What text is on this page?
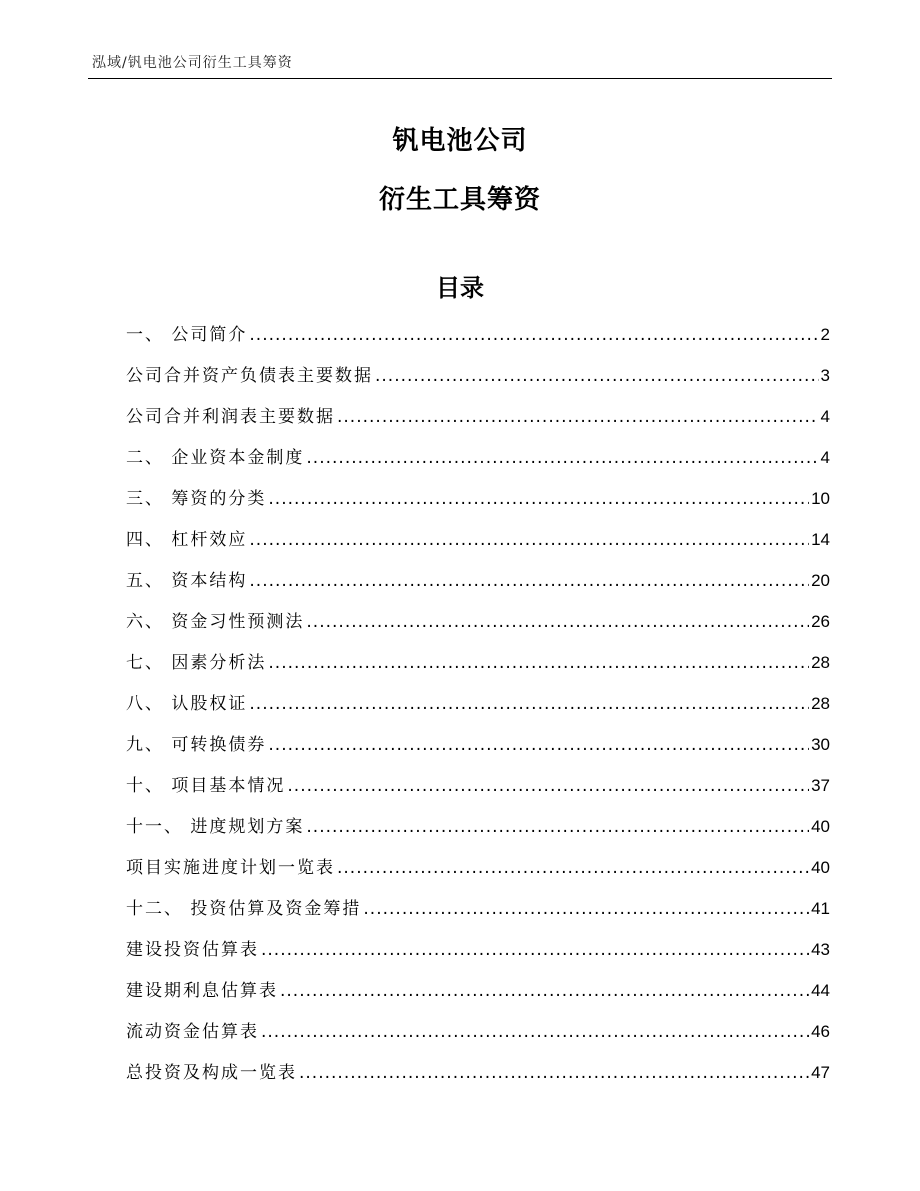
泓域/钒电池公司衍生工具筹资
钒电池公司
衍生工具筹资
目录
一、 公司简介 .....	2
公司合并资产负债表主要数据 .....	3
公司合并利润表主要数据 .....	4
二、 企业资本金制度 .....	4
三、 筹资的分类 .....	10
四、 杠杆效应 .....	14
五、 资本结构 .....	20
六、 资金习性预测法 .....	26
七、 因素分析法 .....	28
八、 认股权证 .....	28
九、 可转换债券 .....	30
十、 项目基本情况 .....	37
十一、 进度规划方案 .....	40
项目实施进度计划一览表 .....	40
十二、 投资估算及资金筹措 .....	41
建设投资估算表 .....	43
建设期利息估算表 .....	44
流动资金估算表 .....	46
总投资及构成一览表 .....	47
